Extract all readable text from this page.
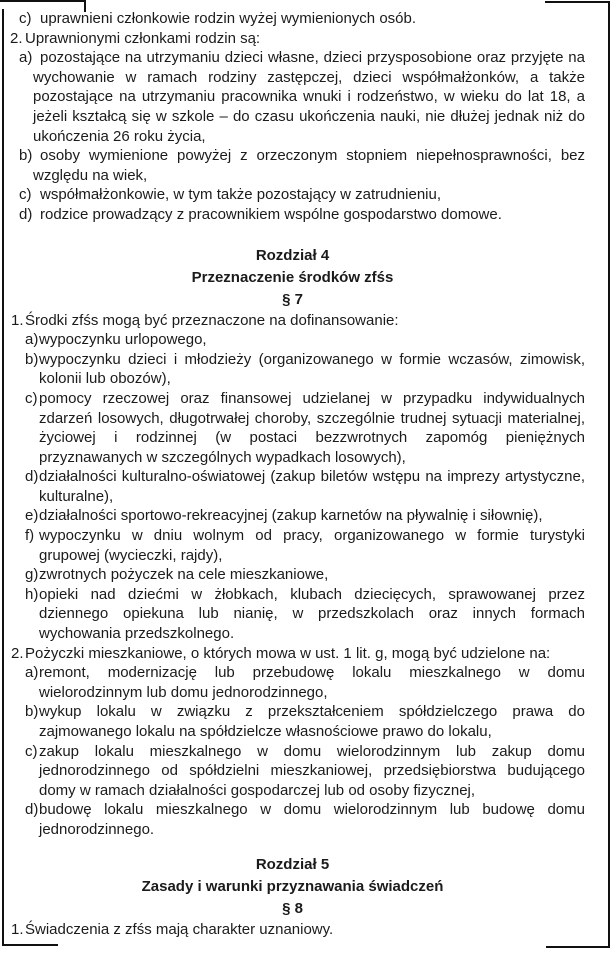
c) uprawnieni członkowie rodzin wyżej wymienionych osób.
2. Uprawnionymi członkami rodzin są:
a) pozostające na utrzymaniu dzieci własne, dzieci przysposobione oraz przyjęte na wychowanie w ramach rodziny zastępczej, dzieci współmałżonków, a także pozostające na utrzymaniu pracownika wnuki i rodzeństwo, w wieku do lat 18, a jeżeli kształcą się w szkole – do czasu ukończenia nauki, nie dłużej jednak niż do ukończenia 26 roku życia,
b) osoby wymienione powyżej z orzeczonym stopniem niepełnosprawności, bez względu na wiek,
c) współmałżonkowie, w tym także pozostający w zatrudnieniu,
d) rodzice prowadzący z pracownikiem wspólne gospodarstwo domowe.
Rozdział 4
Przeznaczenie środków zfśs
§ 7
1. Środki zfśs mogą być przeznaczone na dofinansowanie:
a) wypoczynku urlopowego,
b) wypoczynku dzieci i młodzieży (organizowanego w formie wczasów, zimowisk, kolonii lub obozów),
c) pomocy rzeczowej oraz finansowej udzielanej w przypadku indywidualnych zdarzeń losowych, długotrwałej choroby, szczególnie trudnej sytuacji materialnej, życiowej i rodzinnej (w postaci bezzwrotnych zapomóg pieniężnych przyznawanych w szczególnych wypadkach losowych),
d) działalności kulturalno-oświatowej (zakup biletów wstępu na imprezy artystyczne, kulturalne),
e) działalności sportowo-rekreacyjnej (zakup karnetów na pływalnię i siłownię),
f) wypoczynku w dniu wolnym od pracy, organizowanego w formie turystyki grupowej (wycieczki, rajdy),
g) zwrotnych pożyczek na cele mieszkaniowe,
h) opieki nad dziećmi w żłobkach, klubach dziecięcych, sprawowanej przez dziennego opiekuna lub nianię, w przedszkolach oraz innych formach wychowania przedszkolnego.
2. Pożyczki mieszkaniowe, o których mowa w ust. 1 lit. g, mogą być udzielone na:
a) remont, modernizację lub przebudowę lokalu mieszkalnego w domu wielorodzinnym lub domu jednorodzinnego,
b) wykup lokalu w związku z przekształceniem spółdzielczego prawa do zajmowanego lokalu na spółdzielcze własnościowe prawo do lokalu,
c) zakup lokalu mieszkalnego w domu wielorodzinnym lub zakup domu jednorodzinnego od spółdzielni mieszkaniowej, przedsiębiorstwa budującego domy w ramach działalności gospodarczej lub od osoby fizycznej,
d) budowę lokalu mieszkalnego w domu wielorodzinnym lub budowę domu jednorodzinnego.
Rozdział 5
Zasady i warunki przyznawania świadczeń
§ 8
1. Świadczenia z zfśs mają charakter uznaniowy.
